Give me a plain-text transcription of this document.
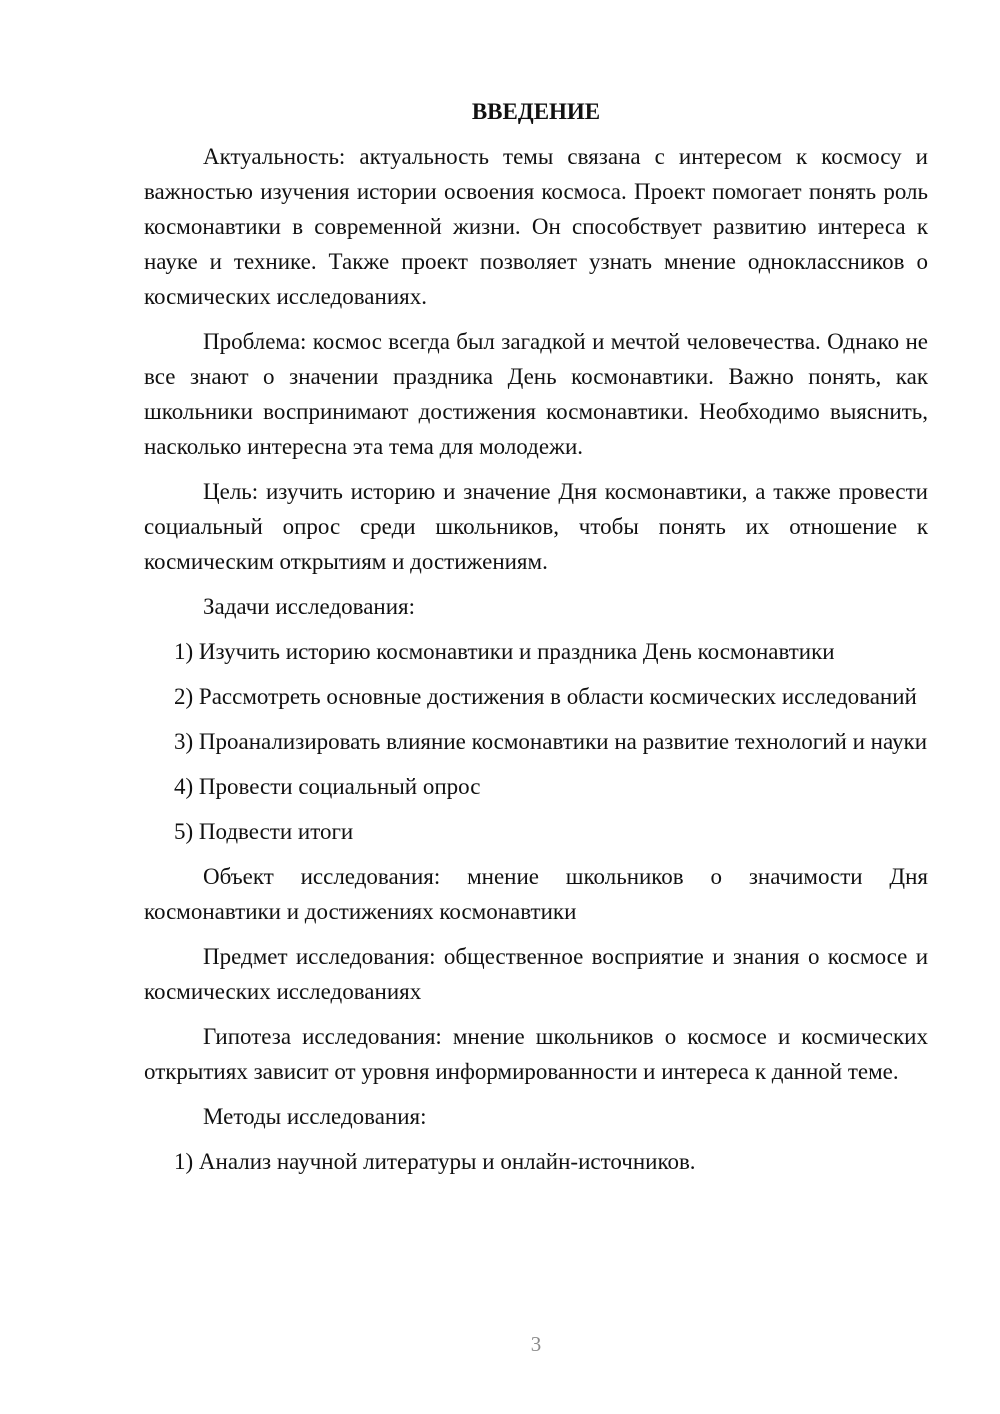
ВВЕДЕНИЕ

Актуальность: актуальность темы связана с интересом к космосу и важностью изучения истории освоения космоса. Проект помогает понять роль космонавтики в современной жизни. Он способствует развитию интереса к науке и технике. Также проект позволяет узнать мнение одноклассников о космических исследованиях.

Проблема: космос всегда был загадкой и мечтой человечества. Однако не все знают о значении праздника День космонавтики. Важно понять, как школьники воспринимают достижения космонавтики. Необходимо выяснить, насколько интересна эта тема для молодежи.

Цель: изучить историю и значение Дня космонавтики, а также провести социальный опрос среди школьников, чтобы понять их отношение к космическим открытиям и достижениям.

Задачи исследования:

1) Изучить историю космонавтики и праздника День космонавтики

2) Рассмотреть основные достижения в области космических исследований

3) Проанализировать влияние космонавтики на развитие технологий и науки

4) Провести социальный опрос

5) Подвести итоги

Объект исследования: мнение школьников о значимости Дня космонавтики и достижениях космонавтики

Предмет исследования: общественное восприятие и знания о космосе и космических исследованиях

Гипотеза исследования: мнение школьников о космосе и космических открытиях зависит от уровня информированности и интереса к данной теме.

Методы исследования:

1) Анализ научной литературы и онлайн-источников.

3
